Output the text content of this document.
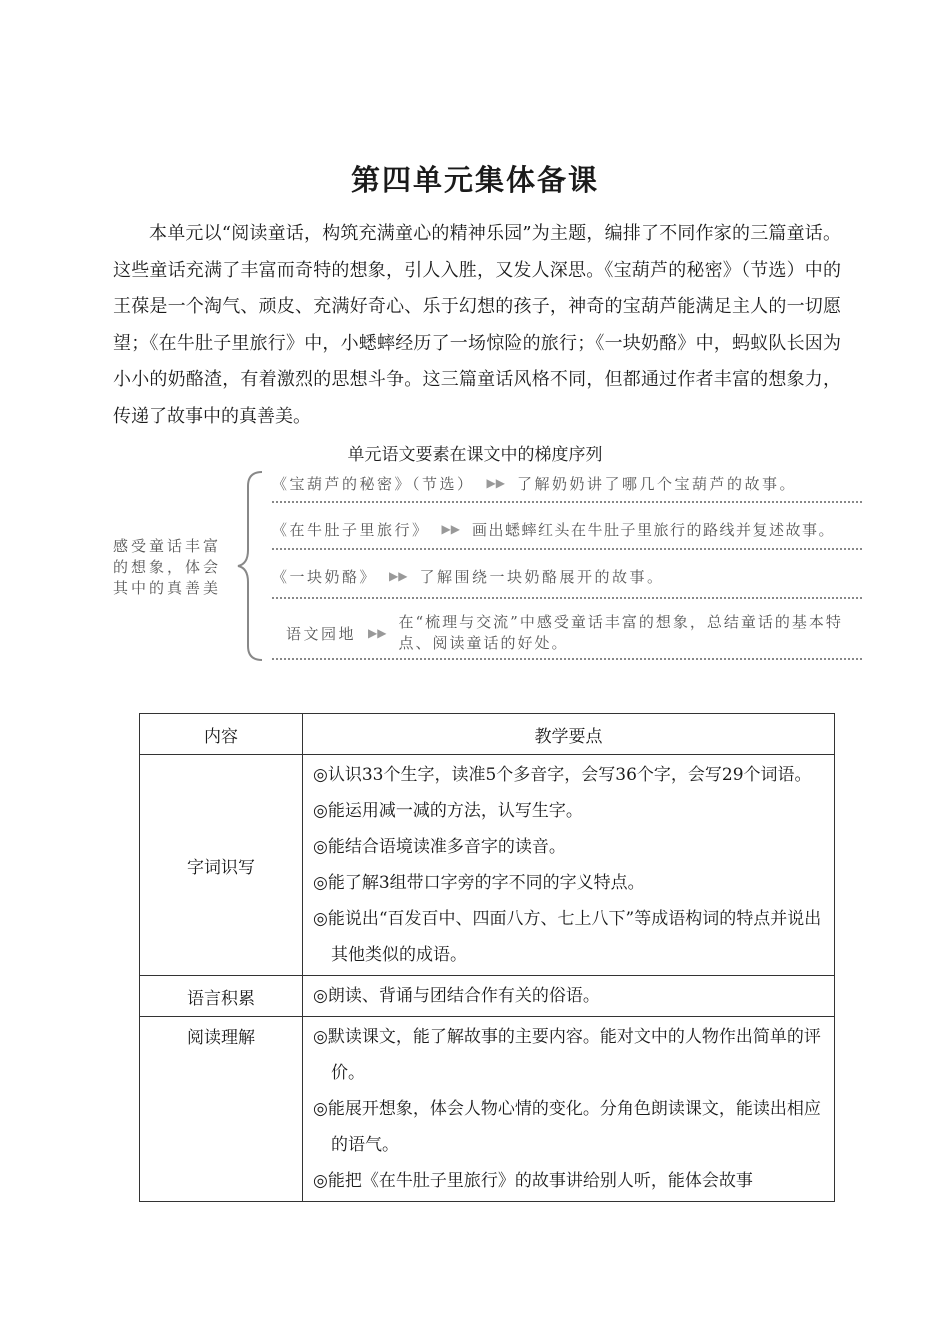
第四单元集体备课

本单元以“阅读童话，构筑充满童心的精神乐园”为主题，编排了不同作家的三篇童话。这些童话充满了丰富而奇特的想象，引人入胜，又发人深思。《宝葫芦的秘密》（节选）中的王葆是一个淘气、顽皮、充满好奇心、乐于幻想的孩子，神奇的宝葫芦能满足主人的一切愿望；《在牛肚子里旅行》中，小蟋蟀经历了一场惊险的旅行；《一块奶酪》中，蚂蚁队长因为小小的奶酪渣，有着激烈的思想斗争。这三篇童话风格不同，但都通过作者丰富的想象力，传递了故事中的真善美。

单元语文要素在课文中的梯度序列
感受童话丰富的想象，体会其中的真善美
《宝葫芦的秘密》（节选） ▶▶ 了解奶奶讲了哪几个宝葫芦的故事。
《在牛肚子里旅行》 ▶▶ 画出蟋蟀红头在牛肚子里旅行的路线并复述故事。
《一块奶酪》 ▶▶ 了解围绕一块奶酪展开的故事。
语文园地 ▶▶
在“梳理与交流”中感受童话丰富的想象，总结童话的基本特点、阅读童话的好处。
内容	教学要点
字词识写	◎认识33个生字，读准5个多音字，会写36个字，会写29个词语。
◎能运用减一减的方法，认写生字。
◎能结合语境读准多音字的读音。
◎能了解3组带口字旁的字不同的字义特点。
◎能说出“百发百中、四面八方、七上八下”等成语构词的特点并说出其他类似的成语。

语言积累	◎朗读、背诵与团结合作有关的俗语。

阅读理解	◎默读课文，能了解故事的主要内容。能对文中的人物作出简单的评价。
◎能展开想象，体会人物心情的变化。分角色朗读课文，能读出相应的语气。
◎能把《在牛肚子里旅行》的故事讲给别人听，能体会故事
